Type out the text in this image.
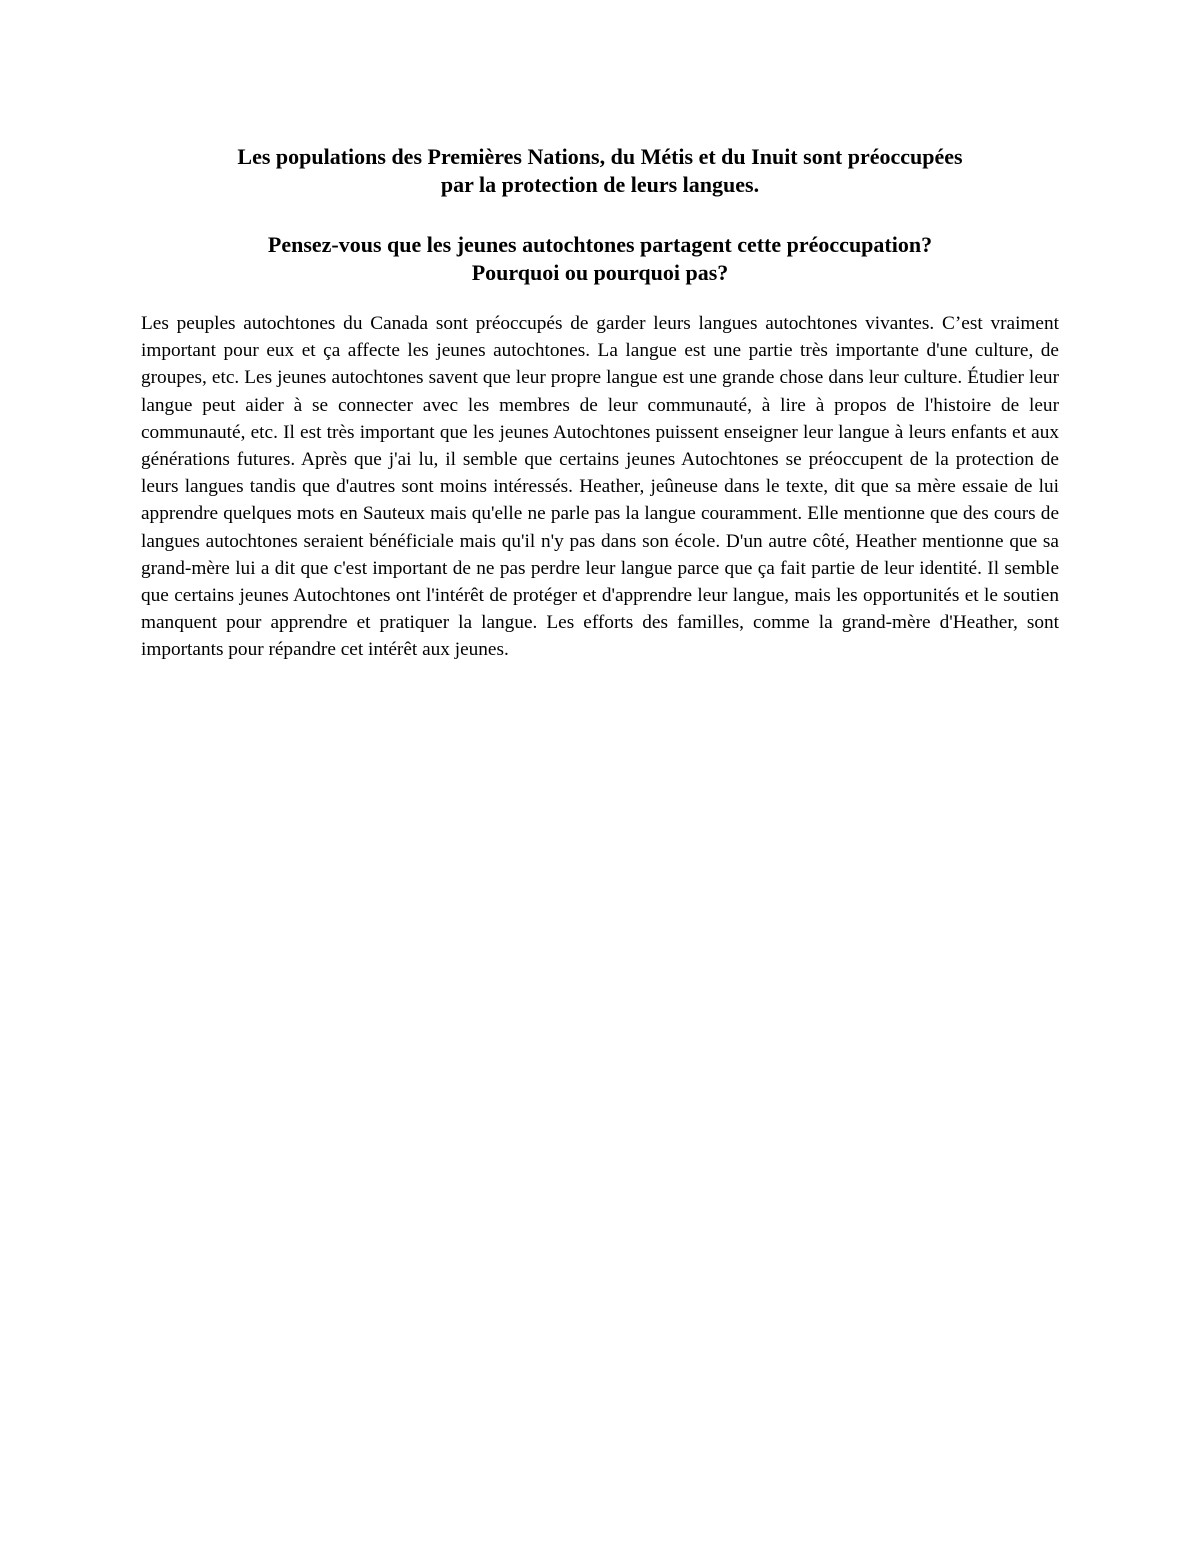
Les populations des Premières Nations, du Métis et du Inuit sont préoccupées
par la protection de leurs langues.
Pensez-vous que les jeunes autochtones partagent cette préoccupation?
Pourquoi ou pourquoi pas?

Les peuples autochtones du Canada sont préoccupés de garder leurs langues autochtones vivantes. C’est vraiment important pour eux et ça affecte les jeunes autochtones. La langue est une partie très importante d'une culture, de groupes, etc. Les jeunes autochtones savent que leur propre langue est une grande chose dans leur culture. Étudier leur langue peut aider à se connecter avec les membres de leur communauté, à lire à propos de l'histoire de leur communauté, etc. Il est très important que les jeunes Autochtones puissent enseigner leur langue à leurs enfants et aux générations futures. Après que j'ai lu, il semble que certains jeunes Autochtones se préoccupent de la protection de leurs langues tandis que d'autres sont moins intéressés. Heather, jeûneuse dans le texte, dit que sa mère essaie de lui apprendre quelques mots en Sauteux mais qu'elle ne parle pas la langue couramment. Elle mentionne que des cours de langues autochtones seraient bénéficiale mais qu'il n'y pas dans son école. D'un autre côté, Heather mentionne que sa grand-mère lui a dit que c'est important de ne pas perdre leur langue parce que ça fait partie de leur identité. Il semble que certains jeunes Autochtones ont l'intérêt de protéger et d'apprendre leur langue, mais les opportunités et le soutien manquent pour apprendre et pratiquer la langue. Les efforts des familles, comme la grand-mère d'Heather, sont importants pour répandre cet intérêt aux jeunes.
